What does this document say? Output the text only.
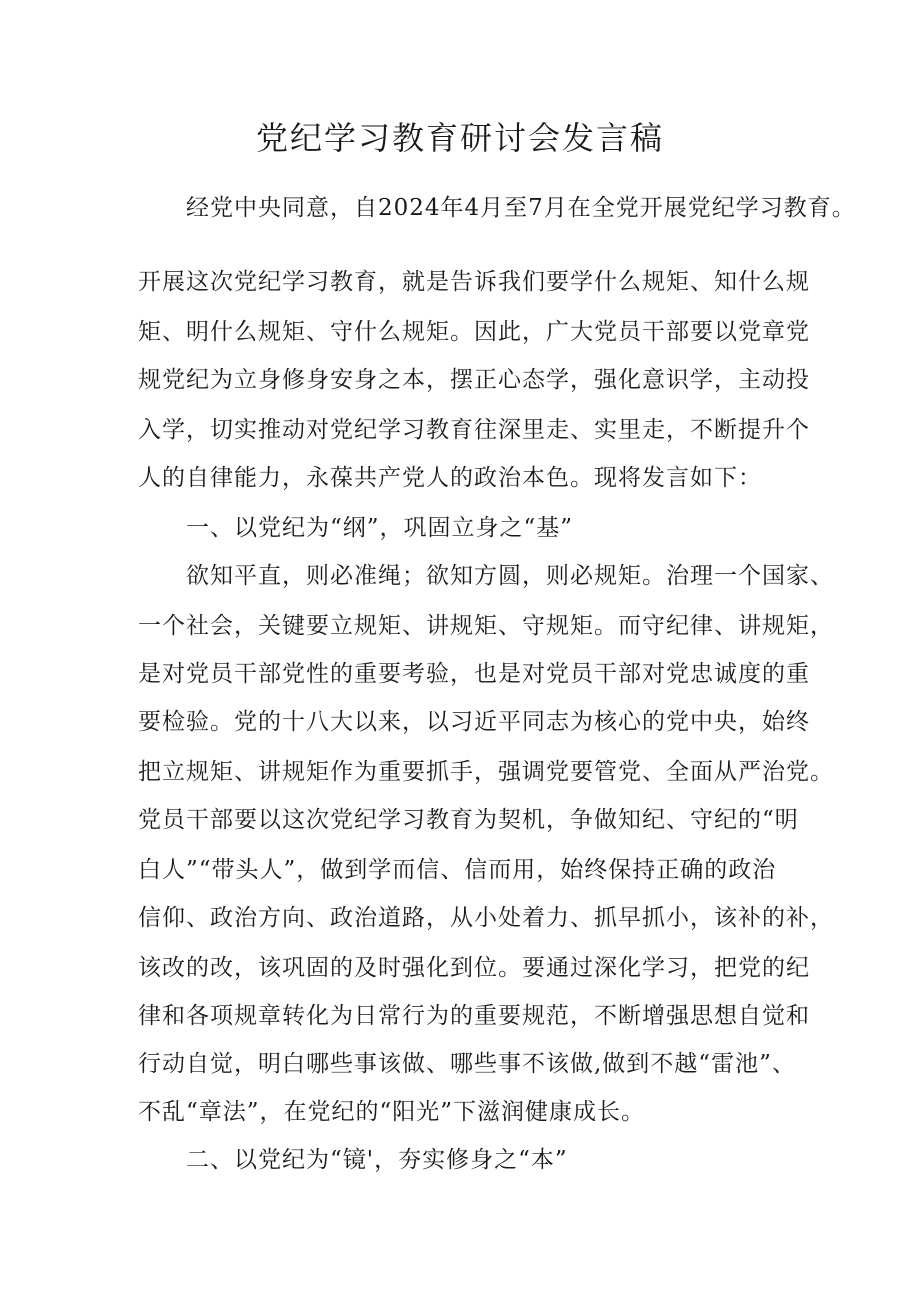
党纪学习教育研讨会发言稿

经党中央同意，自2024年4月至7月在全党开展党纪学习教育。

开展这次党纪学习教育，就是告诉我们要学什么规矩、知什么规

矩、明什么规矩、守什么规矩。因此，广大党员干部要以党章党

规党纪为立身修身安身之本，摆正心态学，强化意识学，主动投

入学，切实推动对党纪学习教育往深里走、实里走，不断提升个

人的自律能力，永葆共产党人的政治本色。现将发言如下：

一、以党纪为“纲”，巩固立身之“基”

欲知平直，则必准绳；欲知方圆，则必规矩。治理一个国家、

一个社会，关键要立规矩、讲规矩、守规矩。而守纪律、讲规矩，

是对党员干部党性的重要考验，也是对党员干部对党忠诚度的重

要检验。党的十八大以来，以习近平同志为核心的党中央，始终

把立规矩、讲规矩作为重要抓手，强调党要管党、全面从严治党。

党员干部要以这次党纪学习教育为契机，争做知纪、守纪的“明

白人”“带头人”，做到学而信、信而用，始终保持正确的政治

信仰、政治方向、政治道路，从小处着力、抓早抓小，该补的补，

该改的改，该巩固的及时强化到位。要通过深化学习，把党的纪

律和各项规章转化为日常行为的重要规范，不断增强思想自觉和

行动自觉，明白哪些事该做、哪些事不该做,做到不越“雷池”、

不乱“章法”，在党纪的“阳光”下滋润健康成长。

二、以党纪为“镜'，夯实修身之“本”
